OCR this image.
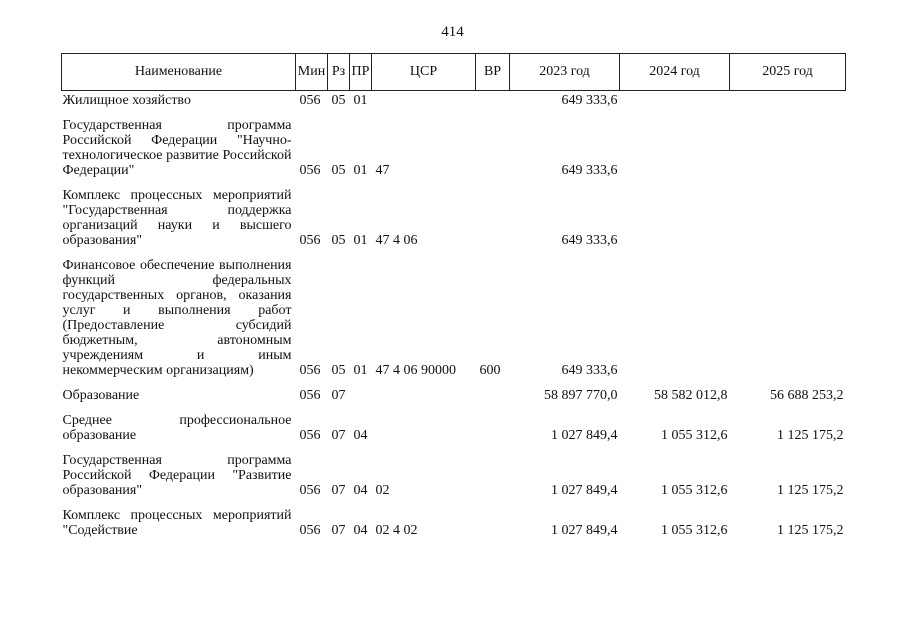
414
Наименование	Мин	Рз	ПР	ЦСР	ВР	2023 год	2024 год	2025 год

Жилищное хозяйство	056	05	01			649 333,6		

Государственная программа Российской Федерации "Научно-технологическое развитие Российской Федерации"	056	05	01	47		649 333,6		

Комплекс процессных мероприятий "Государственная поддержка организаций науки и высшего образования"	056	05	01	47 4 06		649 333,6		

Финансовое обеспечение выполнения функций федеральных государственных органов, оказания услуг и выполнения работ (Предоставление субсидий бюджетным, автономным учреждениям и иным некоммерческим организациям)	056	05	01	47 4 06 90000	600	649 333,6		

Образование	056	07				58 897 770,0	58 582 012,8	56 688 253,2

Среднее профессиональное образование	056	07	04			1 027 849,4	1 055 312,6	1 125 175,2

Государственная программа Российской Федерации "Развитие образования"	056	07	04	02		1 027 849,4	1 055 312,6	1 125 175,2

Комплекс процессных мероприятий "Содействие	056	07	04	02 4 02		1 027 849,4	1 055 312,6	1 125 175,2
